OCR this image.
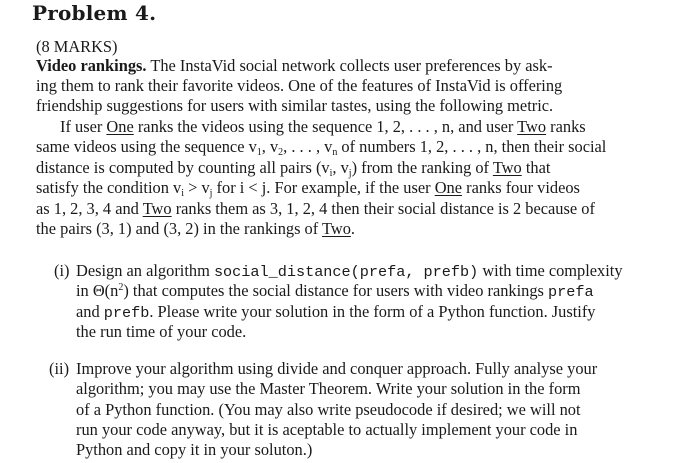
Problem 4.
(8 MARKS)
Video rankings. The InstaVid social network collects user preferences by ask-
ing them to rank their favorite videos. One of the features of InstaVid is offering
friendship suggestions for users with similar tastes, using the following metric.
If user One ranks the videos using the sequence 1, 2, . . . , n, and user Two ranks
same videos using the sequence $v_1$, $v_2$, . . . , $v_n$ of numbers 1, 2, . . . , n, then their social
distance is computed by counting all pairs ($v_i$, $v_j$) from the ranking of Two that
satisfy the condition $v_i > v_j$ for i < j. For example, if the user One ranks four videos
as 1, 2, 3, 4 and Two ranks them as 3, 1, 2, 4 then their social distance is 2 because of
the pairs (3, 1) and (3, 2) in the rankings of Two.
(i) Design an algorithm social_distance(prefa, prefb) with time complexity
in $\Theta(n^2)$ that computes the social distance for users with video rankings prefa
and prefb. Please write your solution in the form of a Python function. Justify
the run time of your code.
(ii) Improve your algorithm using divide and conquer approach. Fully analyse your
algorithm; you may use the Master Theorem. Write your solution in the form
of a Python function. (You may also write pseudocode if desired; we will not
run your code anyway, but it is aceptable to actually implement your code in
Python and copy it in your soluton.)
